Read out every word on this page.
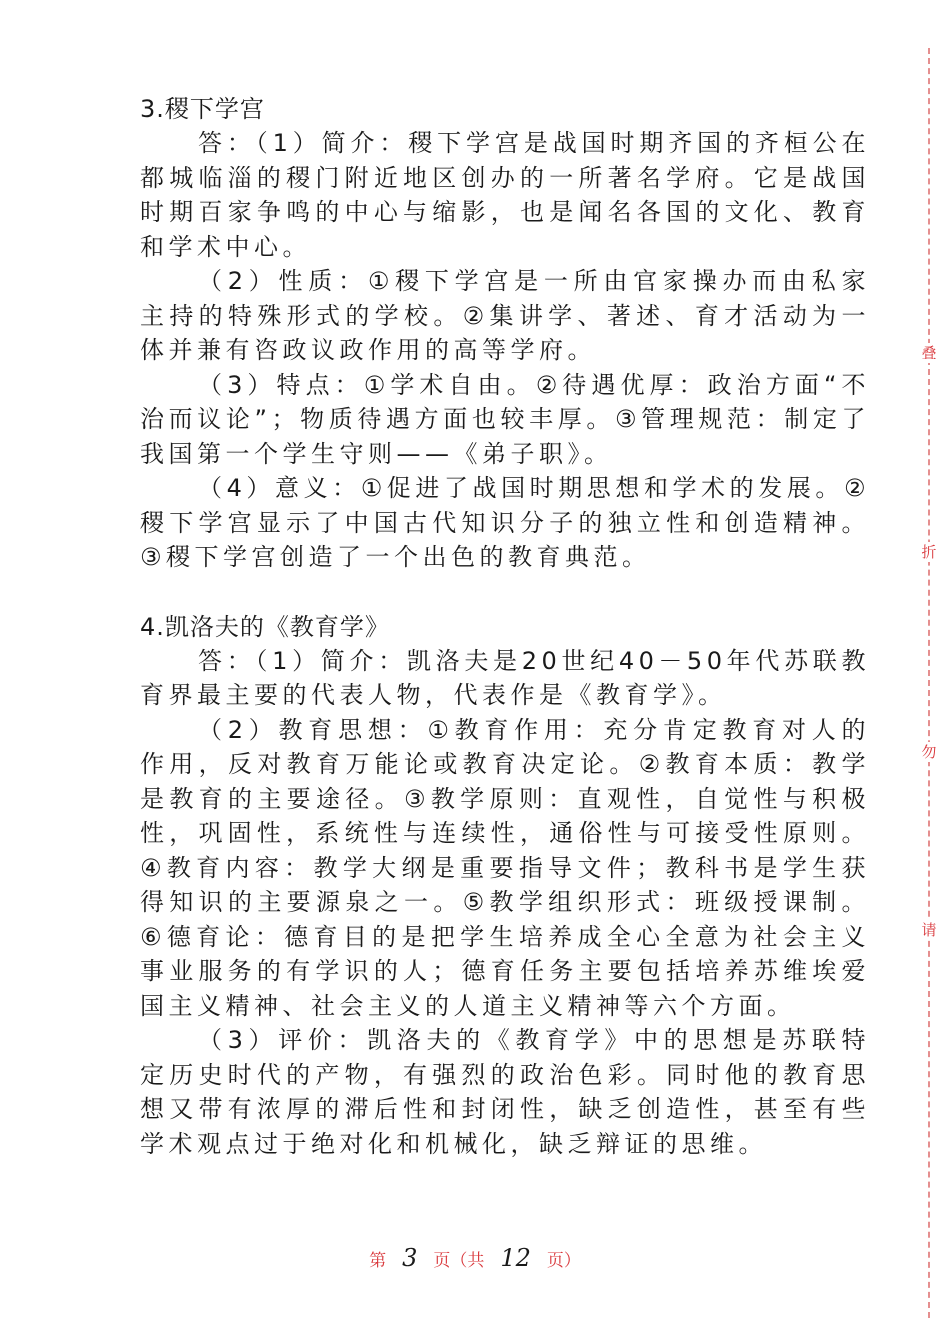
3.稷下学宫

答：（1）简介：稷下学宫是战国时期齐国的齐桓公在都城临淄的稷门附近地区创办的一所著名学府。它是战国时期百家争鸣的中心与缩影，也是闻名各国的文化、教育和学术中心。

（2）性质：①稷下学宫是一所由官家操办而由私家主持的特殊形式的学校。②集讲学、著述、育才活动为一体并兼有咨政议政作用的高等学府。

（3）特点：①学术自由。②待遇优厚：政治方面“不治而议论”；物质待遇方面也较丰厚。③管理规范：制定了我国第一个学生守则——《弟子职》。

（4）意义：①促进了战国时期思想和学术的发展。②稷下学宫显示了中国古代知识分子的独立性和创造精神。③稷下学宫创造了一个出色的教育典范。

4.凯洛夫的《教育学》

答：（1）简介：凯洛夫是20世纪40－50年代苏联教育界最主要的代表人物，代表作是《教育学》。

（2）教育思想：①教育作用：充分肯定教育对人的作用，反对教育万能论或教育决定论。②教育本质：教学是教育的主要途径。③教学原则：直观性，自觉性与积极性，巩固性，系统性与连续性，通俗性与可接受性原则。④教育内容：教学大纲是重要指导文件；教科书是学生获得知识的主要源泉之一。⑤教学组织形式：班级授课制。⑥德育论：德育目的是把学生培养成全心全意为社会主义事业服务的有学识的人；德育任务主要包括培养苏维埃爱国主义精神、社会主义的人道主义精神等六个方面。

（3）评价：凯洛夫的《教育学》中的思想是苏联特定历史时代的产物，有强烈的政治色彩。同时他的教育思想又带有浓厚的滞后性和封闭性，缺乏创造性，甚至有些学术观点过于绝对化和机械化，缺乏辩证的思维。

第 3 页（共 12 页）
叠
折
勿
请
